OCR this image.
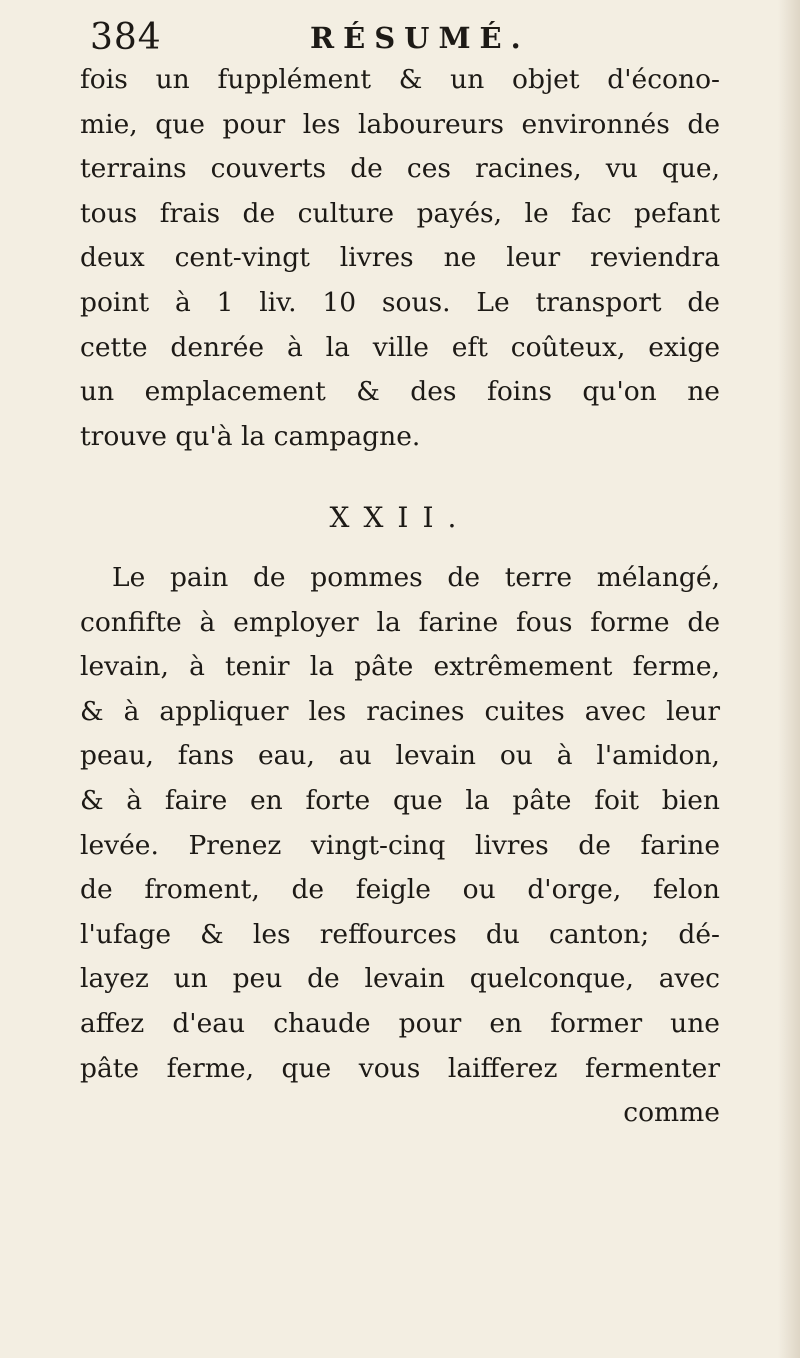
384	RÉSUMÉ.
fois un fupplément & un objet d'écono-
mie, que pour les laboureurs environnés de
terrains couverts de ces racines, vu que,
tous frais de culture payés, le fac pefant
deux cent-vingt livres ne leur reviendra
point à 1 liv. 10 sous. Le transport de
cette denrée à la ville eft coûteux, exige
un emplacement & des foins qu'on ne
trouve qu'à la campagne.
XXII.
Le pain de pommes de terre mélangé,
confifte à employer la farine fous forme de
levain, à tenir la pâte extrêmement ferme,
& à appliquer les racines cuites avec leur
peau, fans eau, au levain ou à l'amidon,
& à faire en forte que la pâte foit bien
levée. Prenez vingt-cinq livres de farine
de froment, de feigle ou d'orge, felon
l'ufage & les reffources du canton; dé-
layez un peu de levain quelconque, avec
affez d'eau chaude pour en former une
pâte ferme, que vous laifferez fermenter
comme
